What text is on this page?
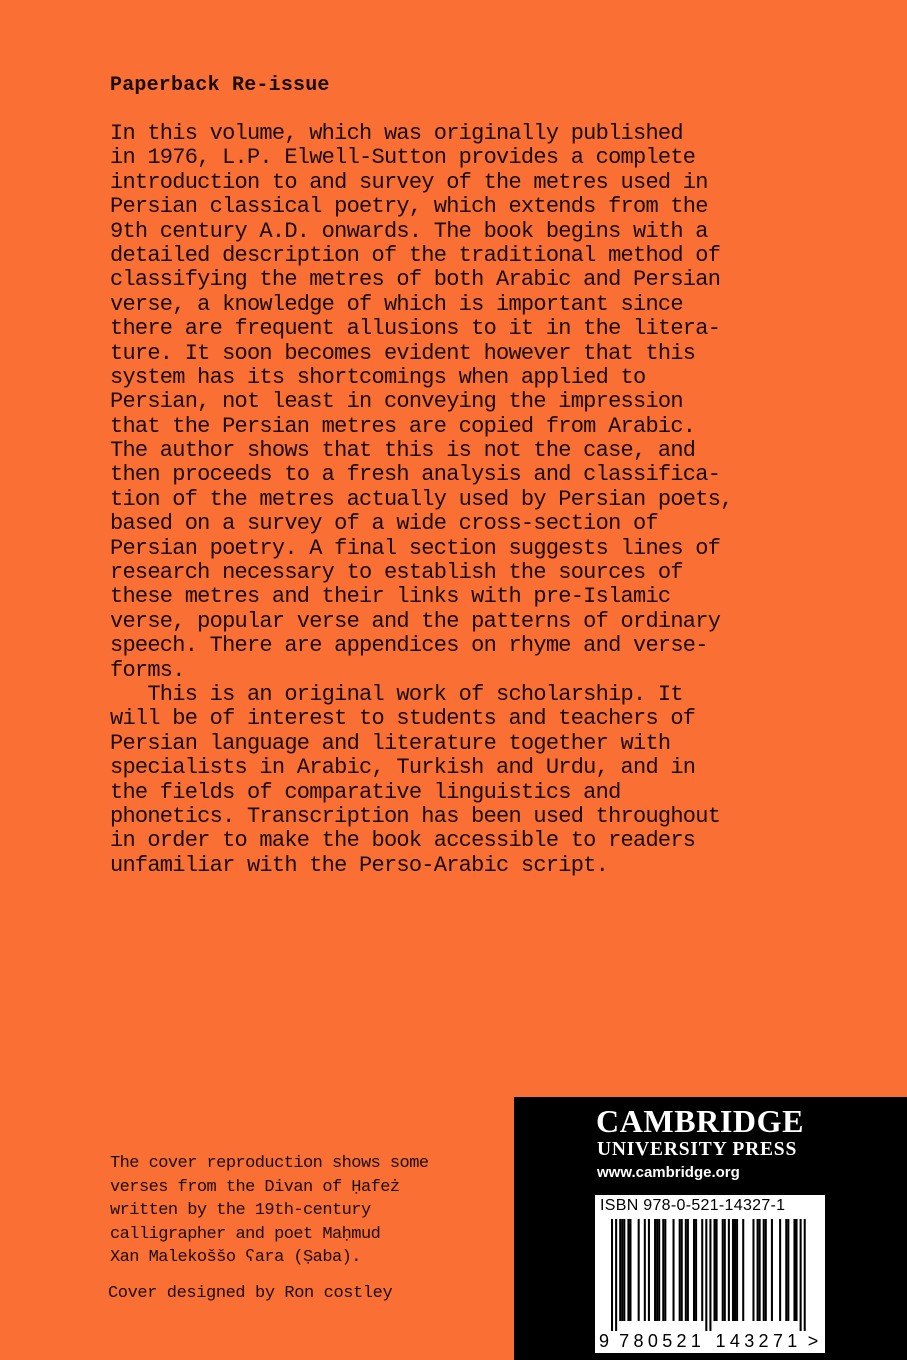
Paperback Re-issue
In this volume, which was originally published
in 1976, L.P. Elwell-Sutton provides a complete
introduction to and survey of the metres used in
Persian classical poetry, which extends from the
9th century A.D. onwards. The book begins with a
detailed description of the traditional method of
classifying the metres of both Arabic and Persian
verse, a knowledge of which is important since
there are frequent allusions to it in the litera-
ture. It soon becomes evident however that this
system has its shortcomings when applied to
Persian, not least in conveying the impression
that the Persian metres are copied from Arabic.
The author shows that this is not the case, and
then proceeds to a fresh analysis and classifica-
tion of the metres actually used by Persian poets,
based on a survey of a wide cross-section of
Persian poetry. A final section suggests lines of
research necessary to establish the sources of
these metres and their links with pre-Islamic
verse, popular verse and the patterns of ordinary
speech. There are appendices on rhyme and verse-
forms.
This is an original work of scholarship. It
will be of interest to students and teachers of
Persian language and literature together with
specialists in Arabic, Turkish and Urdu, and in
the fields of comparative linguistics and
phonetics. Transcription has been used throughout
in order to make the book accessible to readers
unfamiliar with the Perso-Arabic script.
The cover reproduction shows some
verses from the Divan of Ḥafeż
written by the 19th-century
calligrapher and poet Maḥmud
Xan Malekoššo ʕara (Ṣaba).
Cover designed by Ron costley
CAMBRIDGE
UNIVERSITY PRESS
www.cambridge.org
ISBN 978-0-521-14327-1
9 7 8 0 5 2 1 1 4 3 2 7 1 >
